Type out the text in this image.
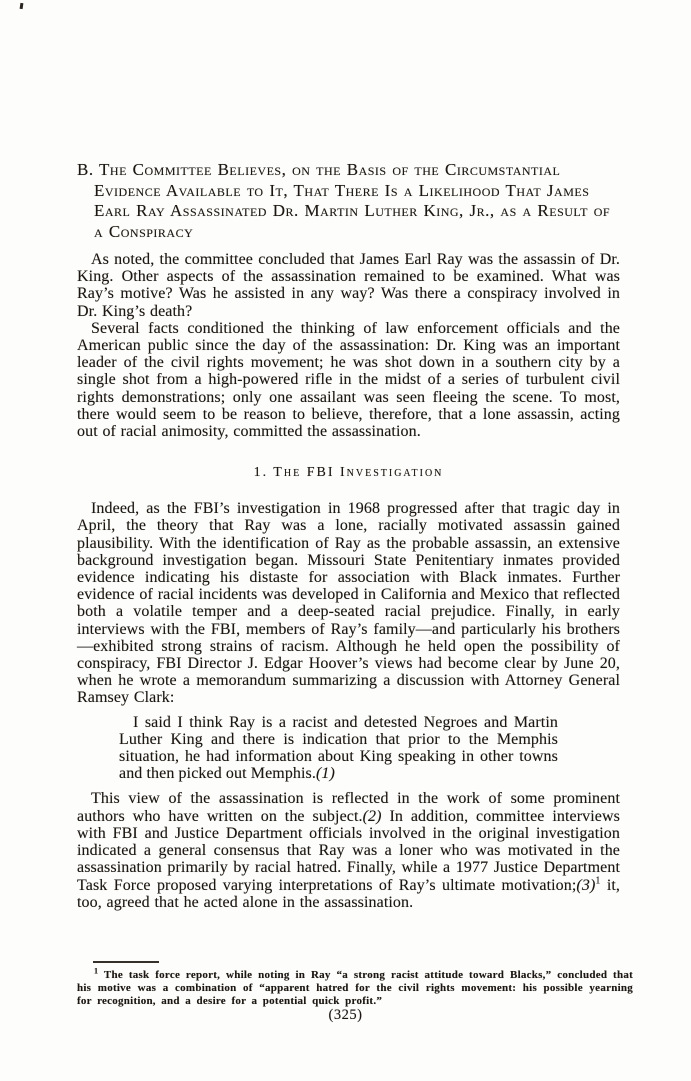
B. The Committee Believes, on the Basis of the Circumstantial Evidence Available to It, That There Is a Likelihood That James Earl Ray Assassinated Dr. Martin Luther King, Jr., as a Result of a Conspiracy

As noted, the committee concluded that James Earl Ray was the assassin of Dr. King. Other aspects of the assassination remained to be examined. What was Ray’s motive? Was he assisted in any way? Was there a conspiracy involved in Dr. King’s death?

Several facts conditioned the thinking of law enforcement officials and the American public since the day of the assassination: Dr. King was an important leader of the civil rights movement; he was shot down in a southern city by a single shot from a high-powered rifle in the midst of a series of turbulent civil rights demonstrations; only one assailant was seen fleeing the scene. To most, there would seem to be reason to believe, therefore, that a lone assassin, acting out of racial animosity, committed the assassination.

1. The FBI Investigation

Indeed, as the FBI’s investigation in 1968 progressed after that tragic day in April, the theory that Ray was a lone, racially motivated assassin gained plausibility. With the identification of Ray as the probable assassin, an extensive background investigation began. Missouri State Penitentiary inmates provided evidence indicating his distaste for association with Black inmates. Further evidence of racial incidents was developed in California and Mexico that reflected both a volatile temper and a deep-seated racial prejudice. Finally, in early interviews with the FBI, members of Ray’s family—and particularly his brothers—exhibited strong strains of racism. Although he held open the possibility of conspiracy, FBI Director J. Edgar Hoover’s views had become clear by June 20, when he wrote a memorandum summarizing a discussion with Attorney General Ramsey Clark:

I said I think Ray is a racist and detested Negroes and Martin Luther King and there is indication that prior to the Memphis situation, he had information about King speaking in other towns and then picked out Memphis.(1)

This view of the assassination is reflected in the work of some prominent authors who have written on the subject.(2) In addition, committee interviews with FBI and Justice Department officials involved in the original investigation indicated a general consensus that Ray was a loner who was motivated in the assassination primarily by racial hatred. Finally, while a 1977 Justice Department Task Force proposed varying interpretations of Ray’s ultimate $motivation;(3)^1$ it, too, agreed that he acted alone in the assassination.

$^1$ The task force report, while noting in Ray “a strong racist attitude toward Blacks,” concluded that his motive was a combination of “apparent hatred for the civil rights movement: his possible yearning for recognition, and a desire for a potential quick profit.”

(325)
